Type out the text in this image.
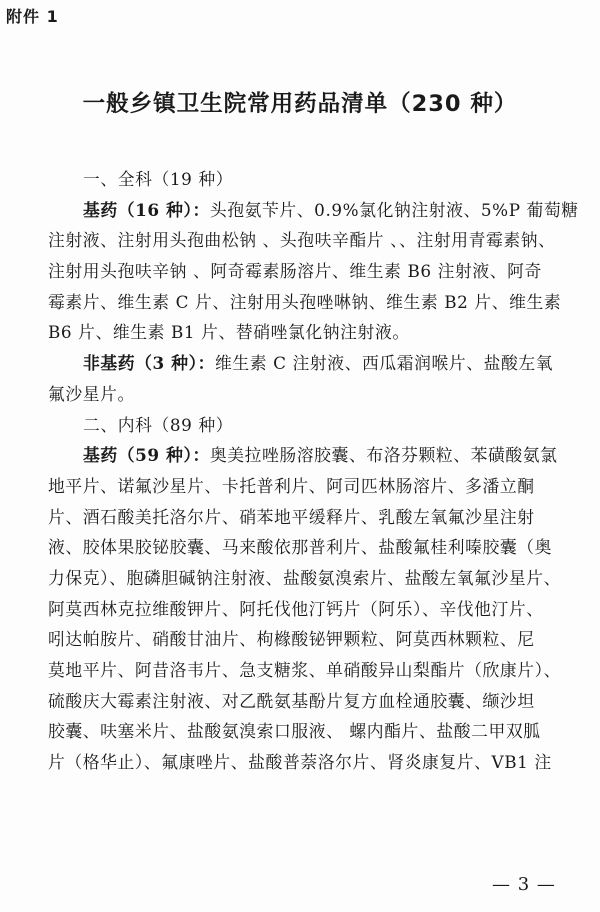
附件 1
一般乡镇卫生院常用药品清单（230 种）
一、全科（19 种）
基药（16 种）：头孢氨苄片、0.9%氯化钠注射液、5%P 葡萄糖
注射液、注射用头孢曲松钠 、头孢呋辛酯片 、、注射用青霉素钠、
注射用头孢呋辛钠 、阿奇霉素肠溶片、维生素 B6 注射液、阿奇
霉素片、维生素 C 片、注射用头孢唑啉钠、维生素 B2 片、维生素
B6 片、维生素 B1 片、替硝唑氯化钠注射液。
非基药（3 种）：维生素 C 注射液、西瓜霜润喉片、盐酸左氧
氟沙星片。
二、内科（89 种）
基药（59 种）：奥美拉唑肠溶胶囊、布洛芬颗粒、苯磺酸氨氯
地平片、诺氟沙星片、卡托普利片、阿司匹林肠溶片、多潘立酮
片、酒石酸美托洛尔片、硝苯地平缓释片、乳酸左氧氟沙星注射
液、胶体果胶铋胶囊、马来酸依那普利片、盐酸氟桂利嗪胶囊（奥
力保克）、胞磷胆碱钠注射液、盐酸氨溴索片、盐酸左氧氟沙星片、
阿莫西林克拉维酸钾片、阿托伐他汀钙片（阿乐）、辛伐他汀片、
吲达帕胺片、硝酸甘油片、枸橼酸铋钾颗粒、阿莫西林颗粒、尼
莫地平片、阿昔洛韦片、急支糖浆、单硝酸异山梨酯片（欣康片）、
硫酸庆大霉素注射液、对乙酰氨基酚片复方血栓通胶囊、缬沙坦
胶囊、呋塞米片、盐酸氨溴索口服液、 螺内酯片、盐酸二甲双胍
片（格华止）、氟康唑片、盐酸普萘洛尔片、肾炎康复片、VB1 注
— 3 —
